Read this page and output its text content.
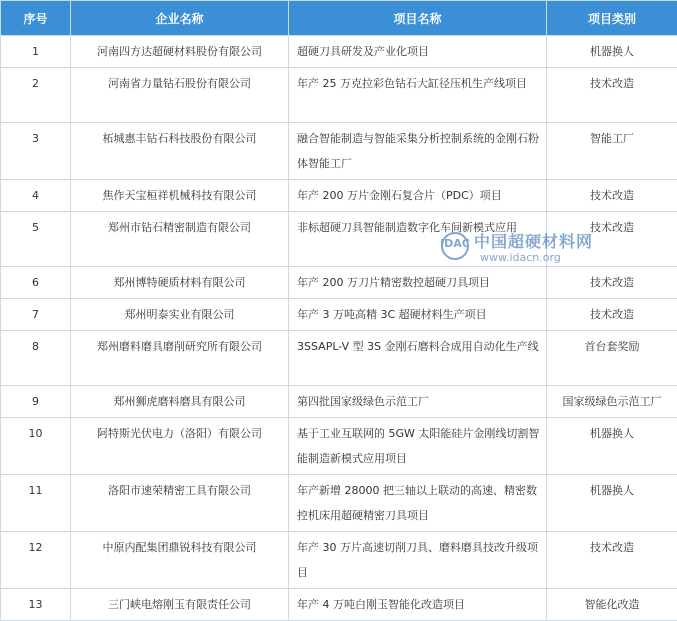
序号	企业名称	项目名称	项目类别
1	河南四方达超硬材料股份有限公司	超硬刀具研发及产业化项目	机器换人
2	河南省力量钻石股份有限公司	年产 25 万克拉彩色钻石大缸径压机生产线项目	技术改造
3	柘城惠丰钻石科技股份有限公司	融合智能制造与智能采集分析控制系统的金刚石粉体智能工厂	智能工厂
4	焦作天宝桓祥机械科技有限公司	年产 200 万片金刚石复合片（PDC）项目	技术改造
5	郑州市钻石精密制造有限公司	非标超硬刀具智能制造数字化车间新模式应用	技术改造
6	郑州博特硬质材料有限公司	年产 200 万刀片精密数控超硬刀具项目	技术改造
7	郑州明泰实业有限公司	年产 3 万吨高精 3C 超硬材料生产项目	技术改造
8	郑州磨料磨具磨削研究所有限公司	3SSAPL-V 型 3S 金刚石磨料合成用自动化生产线	首台套奖励
9	郑州狮虎磨料磨具有限公司	第四批国家级绿色示范工厂	国家级绿色示范工厂
10	阿特斯光伏电力（洛阳）有限公司	基于工业互联网的 5GW 太阳能硅片金刚线切割智能制造新模式应用项目	机器换人
11	洛阳市速荣精密工具有限公司	年产新增 28000 把三轴以上联动的高速、精密数控机床用超硬精密刀具项目	机器换人
12	中原内配集团鼎锐科技有限公司	年产 30 万片高速切削刀具、磨料磨具技改升级项目	技术改造
13	三门峡电熔刚玉有限责任公司	年产 4 万吨白刚玉智能化改造项目	智能化改造
IDAC 中国超硬材料网
www.idacn.org
